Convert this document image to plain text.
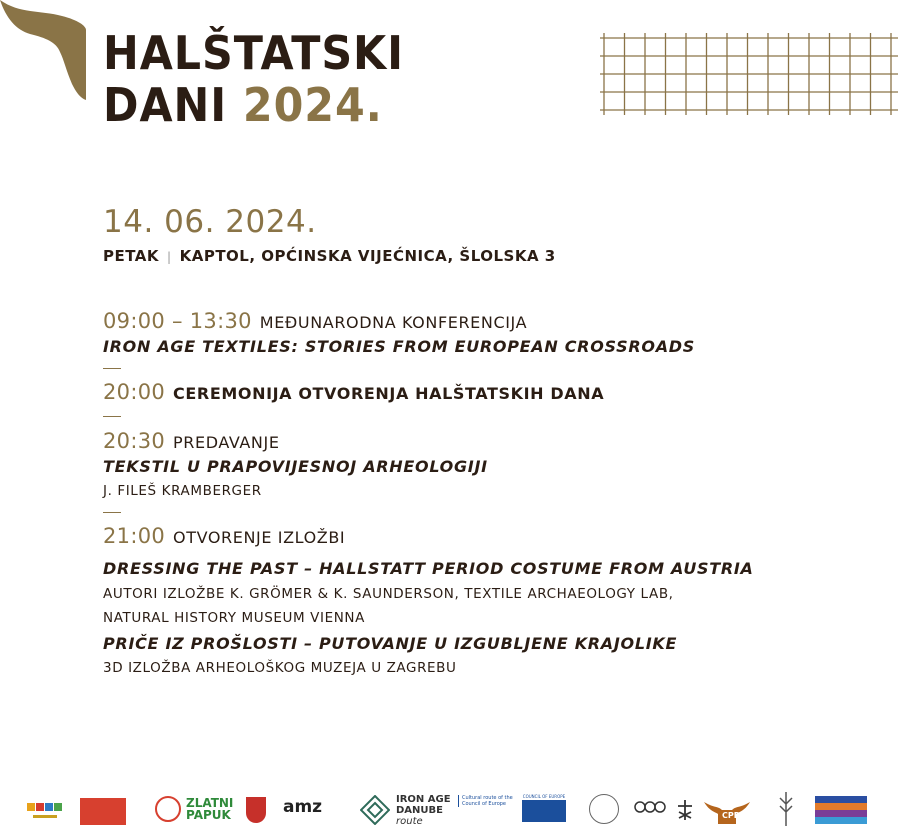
HALŠTATSKI
DANI 2024.
14. 06. 2024.
PETAK | KAPTOL, OPĆINSKA VIJEĆNICA, ŠLOLSKA 3
09:00 – 13:30 MEĐUNARODNA KONFERENCIJA
IRON AGE TEXTILES: STORIES FROM EUROPEAN CROSSROADS
20:00 CEREMONIJA OTVORENJA HALŠTATSKIH DANA
20:30 PREDAVANJE
TEKSTIL U PRAPOVIJESNOJ ARHEOLOGIJI
J. FILEŠ KRAMBERGER
21:00 OTVORENJE IZLOŽBI
DRESSING THE PAST – HALLSTATT PERIOD COSTUME FROM AUSTRIA
AUTORI IZLOŽBE K. GRÖMER & K. SAUNDERSON, TEXTILE ARCHAEOLOGY LAB,
NATURAL HISTORY MUSEUM VIENNA
PRIČE IZ PROŠLOSTI – PUTOVANJE U IZGUBLJENE KRAJOLIKE
3D IZLOŽBA ARHEOLOŠKOG MUZEJA U ZAGREBU
ZLATNI
PAPUK	amz	IRON AGE
DANUBE
route
Cultural route of the Council of Europe
COUNCIL OF EUROPE
CPR
